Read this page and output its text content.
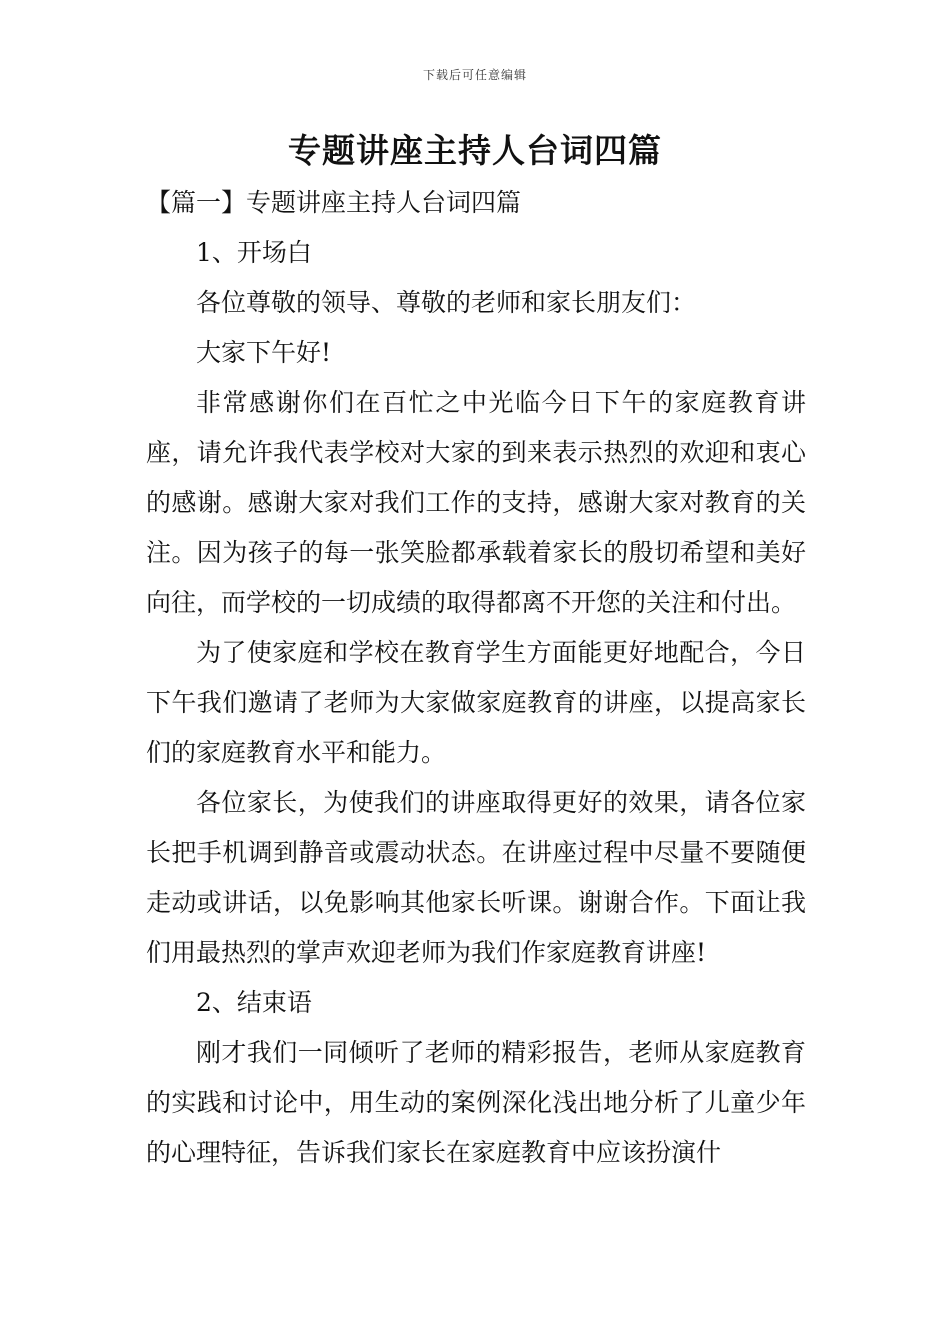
下载后可任意编辑
专题讲座主持人台词四篇

【篇一】专题讲座主持人台词四篇

1、开场白

各位尊敬的领导、尊敬的老师和家长朋友们：

大家下午好!

非常感谢你们在百忙之中光临今日下午的家庭教育讲座，请允许我代表学校对大家的到来表示热烈的欢迎和衷心的感谢。感谢大家对我们工作的支持，感谢大家对教育的关注。因为孩子的每一张笑脸都承载着家长的殷切希望和美好向往，而学校的一切成绩的取得都离不开您的关注和付出。

为了使家庭和学校在教育学生方面能更好地配合，今日下午我们邀请了老师为大家做家庭教育的讲座，以提高家长们的家庭教育水平和能力。

各位家长，为使我们的讲座取得更好的效果，请各位家长把手机调到静音或震动状态。在讲座过程中尽量不要随便走动或讲话，以免影响其他家长听课。谢谢合作。下面让我们用最热烈的掌声欢迎老师为我们作家庭教育讲座!

2、结束语

刚才我们一同倾听了老师的精彩报告，老师从家庭教育的实践和讨论中，用生动的案例深化浅出地分析了儿童少年的心理特征，告诉我们家长在家庭教育中应该扮演什
